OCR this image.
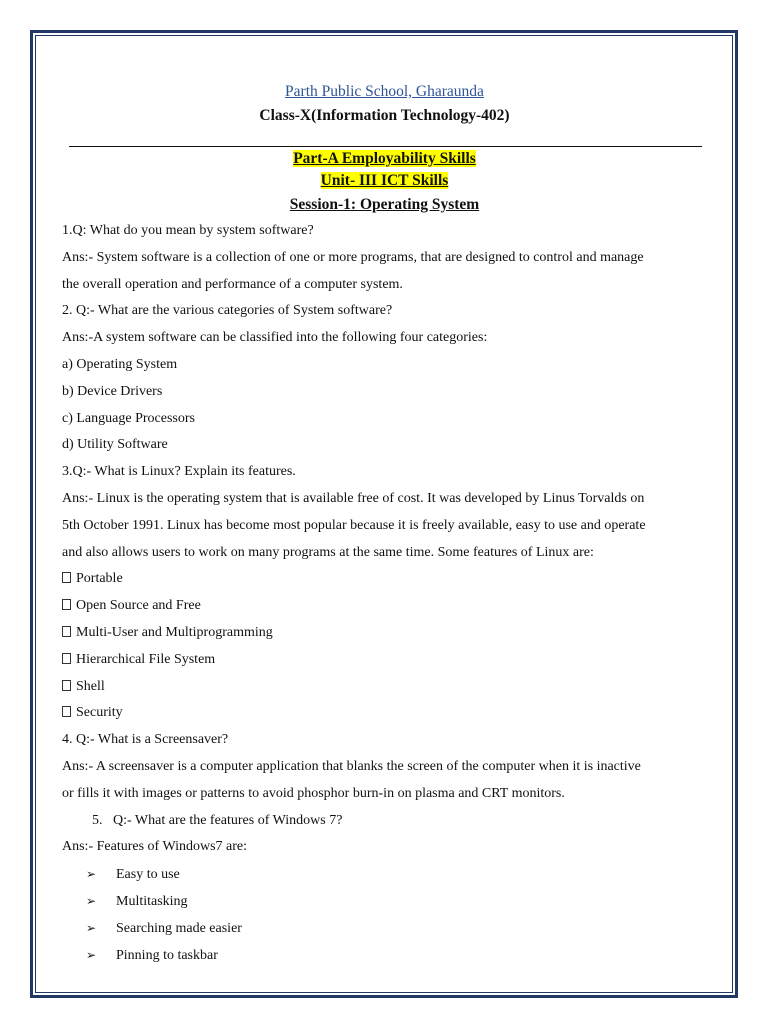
Parth Public School, Gharaunda

Class-X(Information Technology-402)

Part-A Employability Skills

Unit- III ICT Skills

Session-1: Operating System

1.Q: What do you mean by system software?

Ans:- System software is a collection of one or more programs, that are designed to control and manage

the overall operation and performance of a computer system.

2. Q:- What are the various categories of System software?

Ans:-A system software can be classified into the following four categories:

a) Operating System

b) Device Drivers

c) Language Processors

d) Utility Software

3.Q:- What is Linux? Explain its features.

Ans:- Linux is the operating system that is available free of cost. It was developed by Linus Torvalds on

5th October 1991. Linux has become most popular because it is freely available, easy to use and operate

and also allows users to work on many programs at the same time. Some features of Linux are:

Portable

Open Source and Free

Multi-User and Multiprogramming

Hierarchical File System

Shell

Security

4. Q:- What is a Screensaver?

Ans:- A screensaver is a computer application that blanks the screen of the computer when it is inactive

or fills it with images or patterns to avoid phosphor burn-in on plasma and CRT monitors.

5. Q:- What are the features of Windows 7?

Ans:- Features of Windows7 are:

➢ Easy to use

➢ Multitasking

➢ Searching made easier

➢ Pinning to taskbar
